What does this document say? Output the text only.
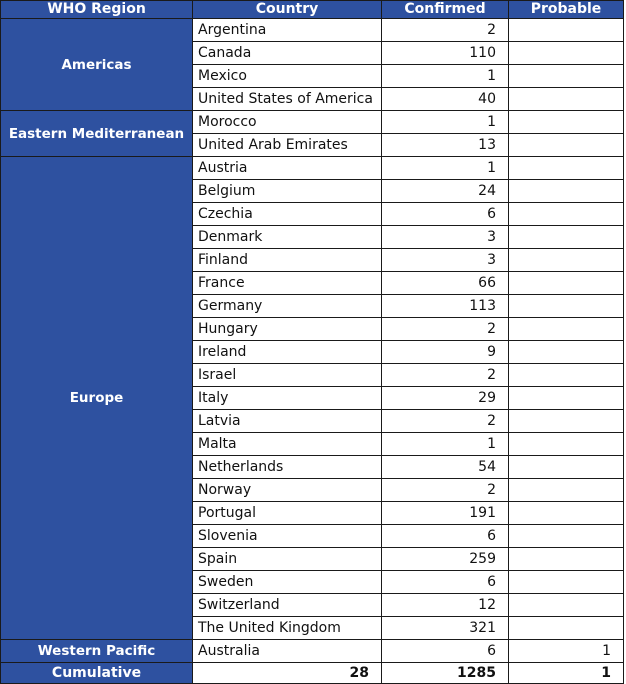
WHO Region	Country	Confirmed	Probable
Americas	Argentina	2	
	Canada	110	
	Mexico	1	
	United States of America	40	
Eastern Mediterranean	Morocco	1	
	United Arab Emirates	13	
Europe	Austria	1	
	Belgium	24	
	Czechia	6	
	Denmark	3	
	Finland	3	
	France	66	
	Germany	113	
	Hungary	2	
	Ireland	9	
	Israel	2	
	Italy	29	
	Latvia	2	
	Malta	1	
	Netherlands	54	
	Norway	2	
	Portugal	191	
	Slovenia	6	
	Spain	259	
	Sweden	6	
	Switzerland	12	
	The United Kingdom	321	
Western Pacific	Australia	6	1
Cumulative	28	1285	1
